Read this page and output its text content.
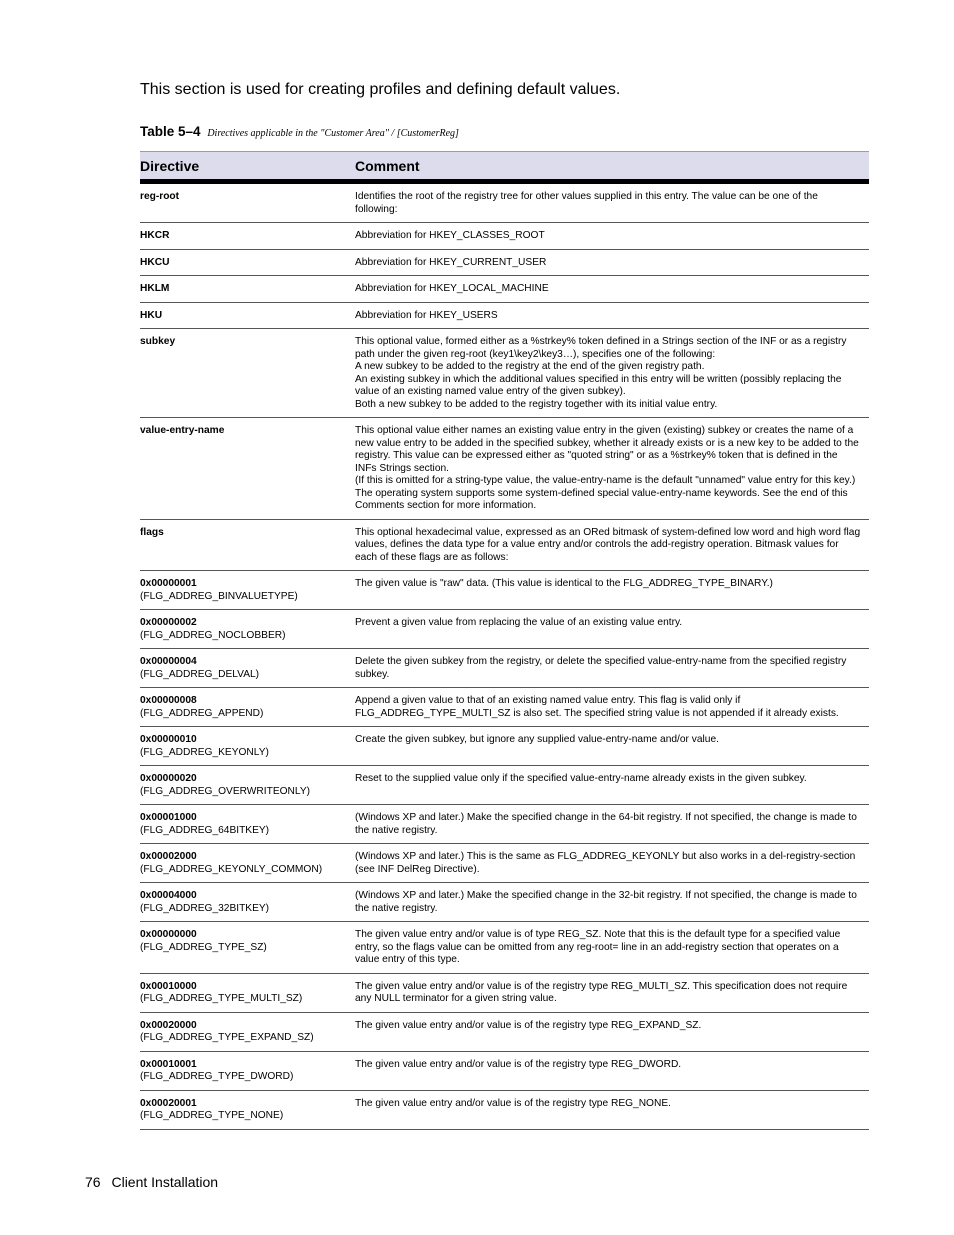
This section is used for creating profiles and defining default values.

Table 5–4 Directives applicable in the "Customer Area" / [CustomerReg]
Directive	Comment

reg-root	Identifies the root of the registry tree for other values supplied in this entry. The value can be one of the following:

HKCR	Abbreviation for HKEY_CLASSES_ROOT

HKCU	Abbreviation for HKEY_CURRENT_USER

HKLM	Abbreviation for HKEY_LOCAL_MACHINE

HKU	Abbreviation for HKEY_USERS

subkey	This optional value, formed either as a %strkey% token defined in a Strings section of the INF or as a registry path under the given reg-root (key1\key2\key3…), specifies one of the following:
A new subkey to be added to the registry at the end of the given registry path.
An existing subkey in which the additional values specified in this entry will be written (possibly replacing the value of an existing named value entry of the given subkey).
Both a new subkey to be added to the registry together with its initial value entry.

value-entry-name	This optional value either names an existing value entry in the given (existing) subkey or creates the name of a new value entry to be added in the specified subkey, whether it already exists or is a new key to be added to the registry. This value can be expressed either as "quoted string" or as a %strkey% token that is defined in the INFs Strings section.
(If this is omitted for a string-type value, the value-entry-name is the default "unnamed" value entry for this key.)
The operating system supports some system-defined special value-entry-name keywords. See the end of this Comments section for more information.

flags	This optional hexadecimal value, expressed as an ORed bitmask of system-defined low word and high word flag values, defines the data type for a value entry and/or controls the add-registry operation. Bitmask values for each of these flags are as follows:

0x00000001
(FLG_ADDREG_BINVALUETYPE)	The given value is "raw" data. (This value is identical to the FLG_ADDREG_TYPE_BINARY.)

0x00000002
(FLG_ADDREG_NOCLOBBER)	Prevent a given value from replacing the value of an existing value entry.

0x00000004
(FLG_ADDREG_DELVAL)	Delete the given subkey from the registry, or delete the specified value-entry-name from the specified registry subkey.

0x00000008
(FLG_ADDREG_APPEND)	Append a given value to that of an existing named value entry. This flag is valid only if FLG_ADDREG_TYPE_MULTI_SZ is also set. The specified string value is not appended if it already exists.

0x00000010
(FLG_ADDREG_KEYONLY)	Create the given subkey, but ignore any supplied value-entry-name and/or value.

0x00000020
(FLG_ADDREG_OVERWRITEONLY)	Reset to the supplied value only if the specified value-entry-name already exists in the given subkey.

0x00001000
(FLG_ADDREG_64BITKEY)	(Windows XP and later.) Make the specified change in the 64-bit registry. If not specified, the change is made to the native registry.

0x00002000
(FLG_ADDREG_KEYONLY_COMMON)	(Windows XP and later.) This is the same as FLG_ADDREG_KEYONLY but also works in a del-registry-section (see INF DelReg Directive).

0x00004000
(FLG_ADDREG_32BITKEY)	(Windows XP and later.) Make the specified change in the 32-bit registry. If not specified, the change is made to the native registry.

0x00000000
(FLG_ADDREG_TYPE_SZ)	The given value entry and/or value is of type REG_SZ. Note that this is the default type for a specified value entry, so the flags value can be omitted from any reg-root= line in an add-registry section that operates on a value entry of this type.

0x00010000
(FLG_ADDREG_TYPE_MULTI_SZ)	The given value entry and/or value is of the registry type REG_MULTI_SZ. This specification does not require any NULL terminator for a given string value.

0x00020000
(FLG_ADDREG_TYPE_EXPAND_SZ)	The given value entry and/or value is of the registry type REG_EXPAND_SZ.

0x00010001
(FLG_ADDREG_TYPE_DWORD)	The given value entry and/or value is of the registry type REG_DWORD.

0x00020001
(FLG_ADDREG_TYPE_NONE)	The given value entry and/or value is of the registry type REG_NONE.
76 Client Installation
